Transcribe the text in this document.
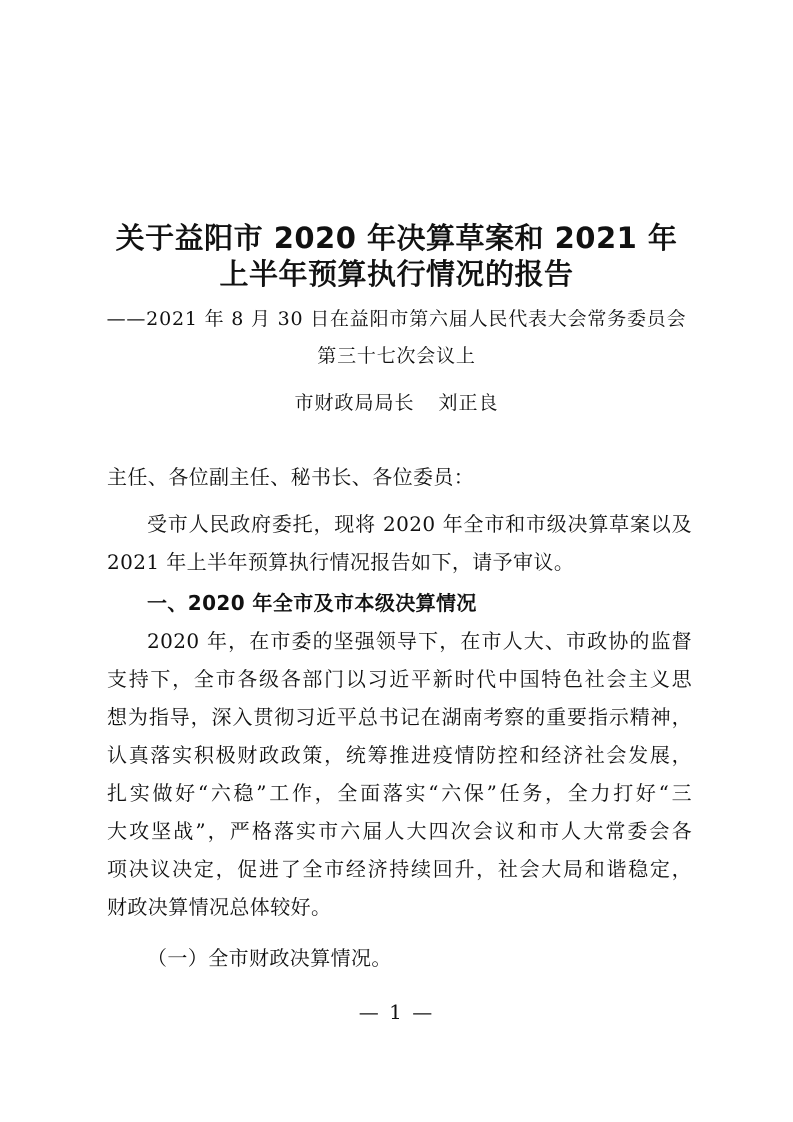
关于益阳市 2020 年决算草案和 2021 年
上半年预算执行情况的报告
——2021 年 8 月 30 日在益阳市第六届人民代表大会常务委员会
第三十七次会议上
市财政局局长 刘正良
主任、各位副主任、秘书长、各位委员：
受市人民政府委托，现将 2020 年全市和市级决算草案以及
2021 年上半年预算执行情况报告如下，请予审议。
一、2020 年全市及市本级决算情况
2020 年，在市委的坚强领导下，在市人大、市政协的监督
支持下，全市各级各部门以习近平新时代中国特色社会主义思
想为指导，深入贯彻习近平总书记在湖南考察的重要指示精神，
认真落实积极财政政策，统筹推进疫情防控和经济社会发展，
扎实做好“六稳”工作，全面落实“六保”任务，全力打好“三
大攻坚战”，严格落实市六届人大四次会议和市人大常委会各
项决议决定，促进了全市经济持续回升，社会大局和谐稳定，
财政决算情况总体较好。
（一）全市财政决算情况。
— 1 —
